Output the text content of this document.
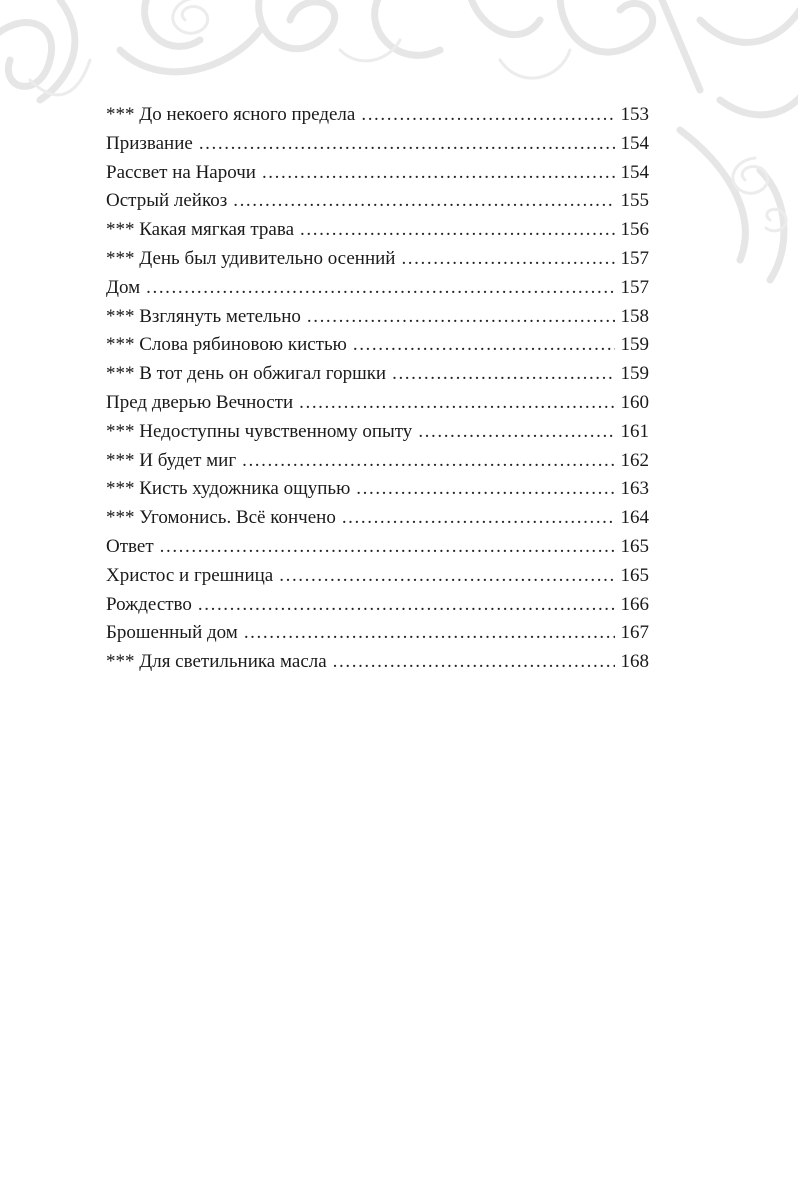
*** До некоего ясного предела .....	153
Призвание .....	154
Рассвет на Нарочи .....	154
Острый лейкоз .....	155
*** Какая мягкая трава .....	156
*** День был удивительно осенний .....	157
Дом .....	157
*** Взглянуть метельно .....	158
*** Слова рябиновою кистью .....	159
*** В тот день он обжигал горшки .....	159
Пред дверью Вечности .....	160
*** Недоступны чувственному опыту .....	161
*** И будет миг .....	162
*** Кисть художника ощупью .....	163
*** Угомонись. Всё кончено .....	164
Ответ .....	165
Христос и грешница .....	165
Рождество .....	166
Брошенный дом .....	167
*** Для светильника масла .....	168
